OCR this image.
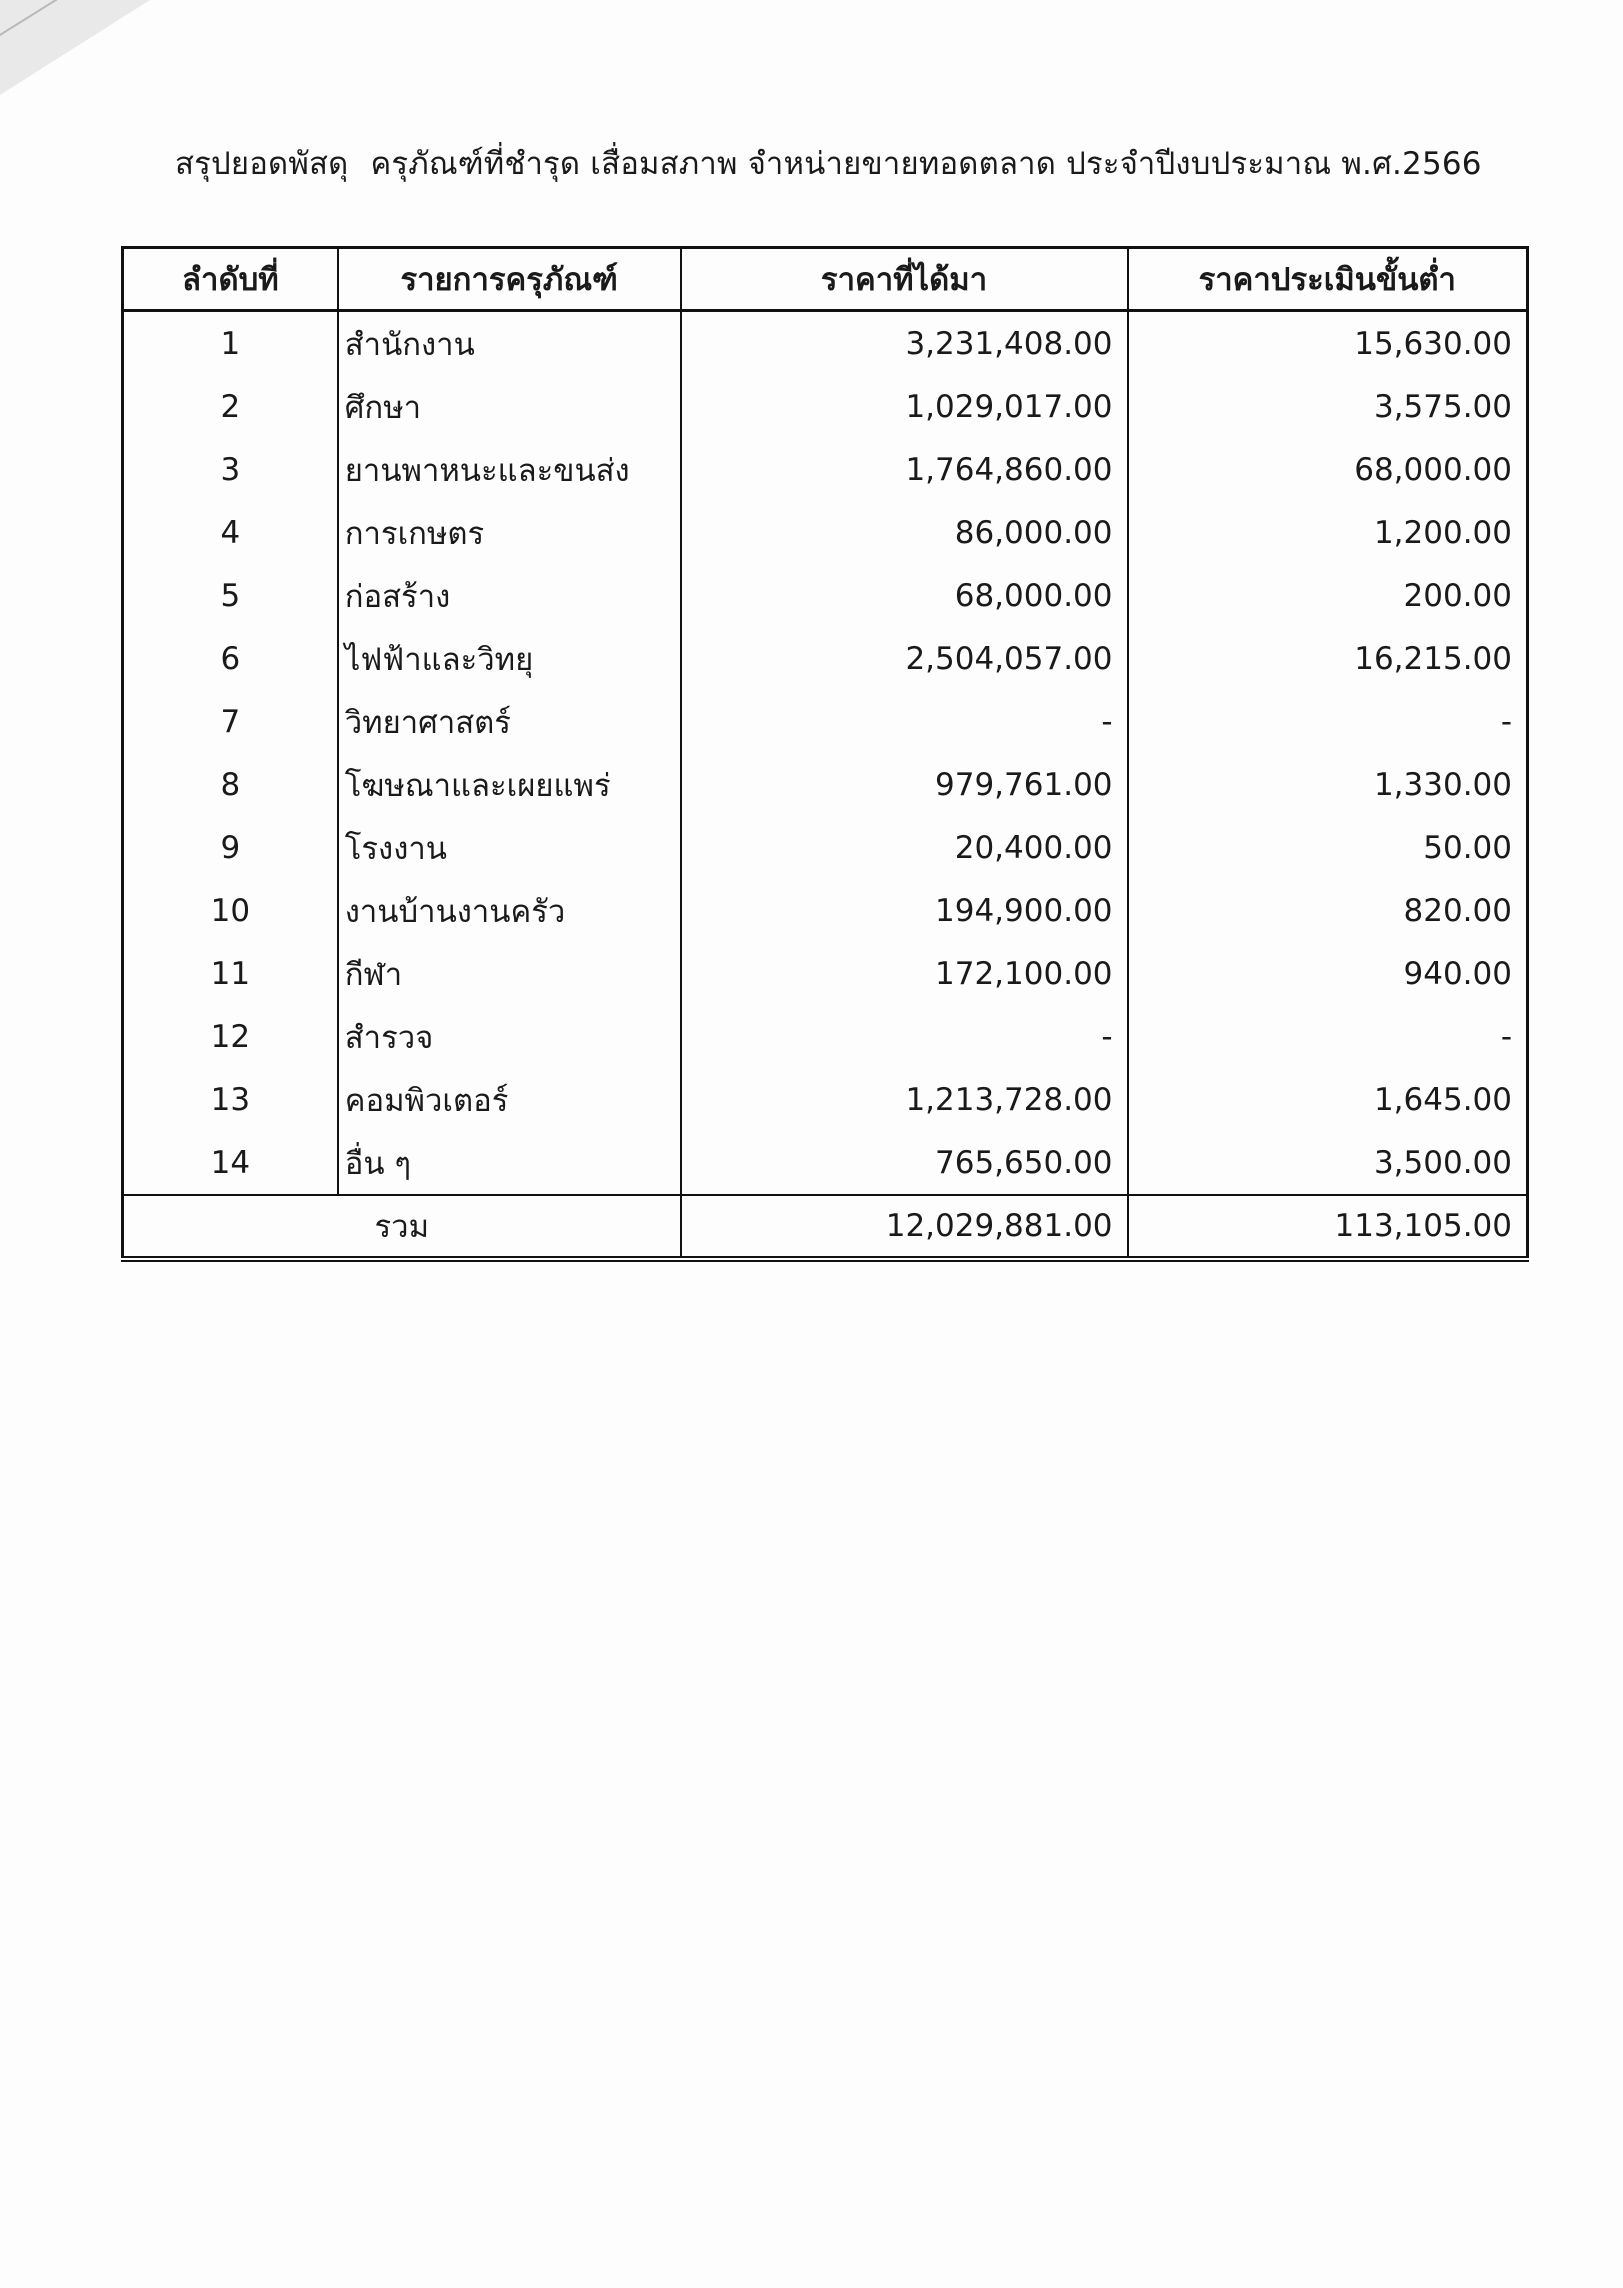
สรุปยอดพัสดุ ครุภัณฑ์ที่ชำรุด เสื่อมสภาพ จำหน่ายขายทอดตลาด ประจำปีงบประมาณ พ.ศ.2566
ลำดับที่	รายการครุภัณฑ์	ราคาที่ได้มา	ราคาประเมินขั้นต่ำ
1	สำนักงาน	3,231,408.00	15,630.00
2	ศึกษา	1,029,017.00	3,575.00
3	ยานพาหนะและขนส่ง	1,764,860.00	68,000.00
4	การเกษตร	86,000.00	1,200.00
5	ก่อสร้าง	68,000.00	200.00
6	ไฟฟ้าและวิทยุ	2,504,057.00	16,215.00
7	วิทยาศาสตร์	-	-
8	โฆษณาและเผยแพร่	979,761.00	1,330.00
9	โรงงาน	20,400.00	50.00
10	งานบ้านงานครัว	194,900.00	820.00
11	กีฬา	172,100.00	940.00
12	สำรวจ	-	-
13	คอมพิวเตอร์	1,213,728.00	1,645.00
14	อื่น ๆ	765,650.00	3,500.00
รวม		12,029,881.00	113,105.00
